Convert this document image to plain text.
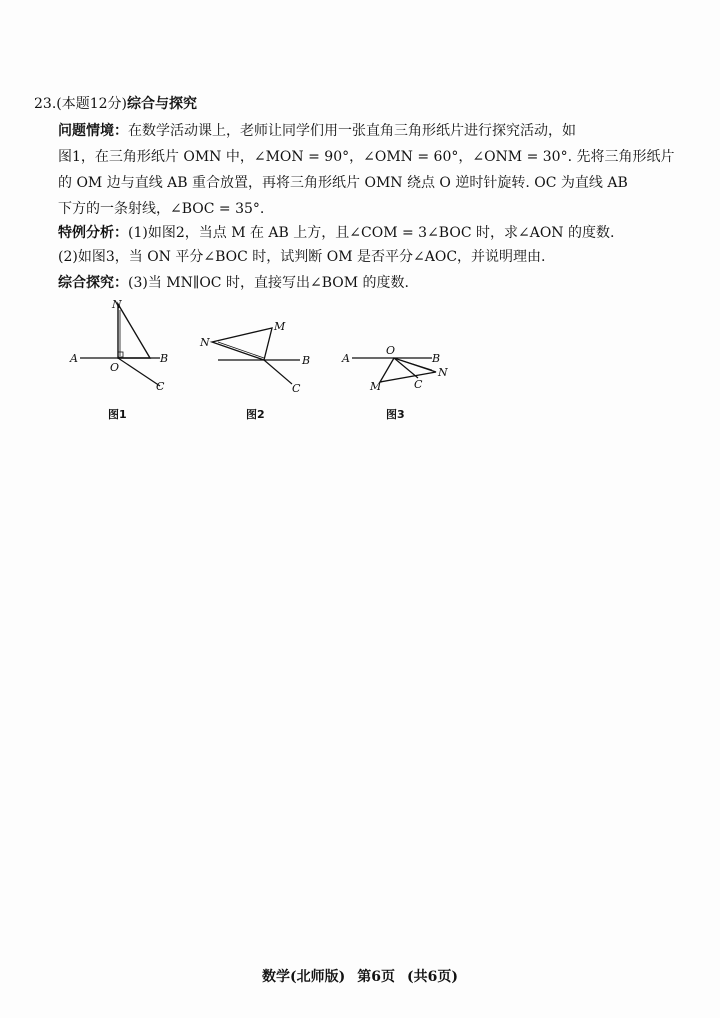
23.(本题12分)综合与探究
问题情境：在数学活动课上，老师让同学们用一张直角三角形纸片进行探究活动，如
图1，在三角形纸片 OMN 中，∠MON = 90°，∠OMN = 60°，∠ONM = 30°. 先将三角形纸片
的 OM 边与直线 AB 重合放置，再将三角形纸片 OMN 绕点 O 逆时针旋转. OC 为直线 AB
下方的一条射线，∠BOC = 35°.
特例分析：(1)如图2，当点 M 在 AB 上方，且∠COM = 3∠BOC 时，求∠AON 的度数.
(2)如图3，当 ON 平分∠BOC 时，试判断 OM 是否平分∠AOC，并说明理由.
综合探究：(3)当 MN∥OC 时，直接写出∠BOM 的度数.
A	B
C
O
N
N
M
B
C
A
O
B
N
C
M
图1	图2	图3
数学(北师版) 第6页 (共6页)
